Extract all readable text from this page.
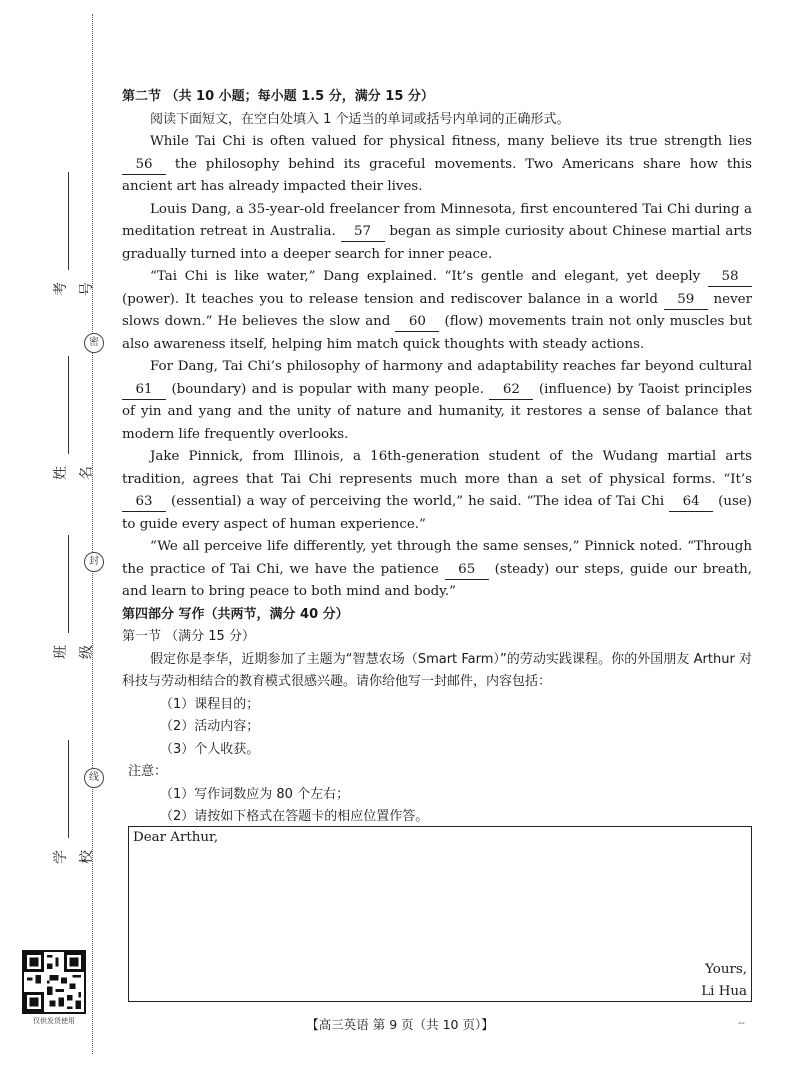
密
封
线
考号
姓名
班级
学校
仅供发货使用

第二节 （共 10 小题；每小题 1.5 分，满分 15 分）

阅读下面短文，在空白处填入 1 个适当的单词或括号内单词的正确形式。

While Tai Chi is often valued for physical fitness, many believe its true strength lies 56 the philosophy behind its graceful movements. Two Americans share how this ancient art has already impacted their lives.

Louis Dang, a 35-year-old freelancer from Minnesota, first encountered Tai Chi during a meditation retreat in Australia. 57 began as simple curiosity about Chinese martial arts gradually turned into a deeper search for inner peace.

“Tai Chi is like water,” Dang explained. “It’s gentle and elegant, yet deeply 58 (power). It teaches you to release tension and rediscover balance in a world 59 never slows down.” He believes the slow and 60 (flow) movements train not only muscles but also awareness itself, helping him match quick thoughts with steady actions.

For Dang, Tai Chi’s philosophy of harmony and adaptability reaches far beyond cultural 61 (boundary) and is popular with many people. 62 (influence) by Taoist principles of yin and yang and the unity of nature and humanity, it restores a sense of balance that modern life frequently overlooks.

Jake Pinnick, from Illinois, a 16th-generation student of the Wudang martial arts tradition, agrees that Tai Chi represents much more than a set of physical forms. “It’s 63 (essential) a way of perceiving the world,” he said. “The idea of Tai Chi 64 (use) to guide every aspect of human experience.”

“We all perceive life differently, yet through the same senses,” Pinnick noted. “Through the practice of Tai Chi, we have the patience 65 (steady) our steps, guide our breath, and learn to bring peace to both mind and body.”

第四部分 写作（共两节，满分 40 分）

第一节 （满分 15 分）

假定你是李华，近期参加了主题为“智慧农场（Smart Farm）”的劳动实践课程。你的外国朋友 Arthur 对科技与劳动相结合的教育模式很感兴趣。请你给他写一封邮件，内容包括：

（1）课程目的；

（2）活动内容；

（3）个人收获。

注意：

（1）写作词数应为 80 个左右；

（2）请按如下格式在答题卡的相应位置作答。

Dear Arthur,
Yours,
Li Hua
【高三英语 第 9 页（共 10 页）】	--
